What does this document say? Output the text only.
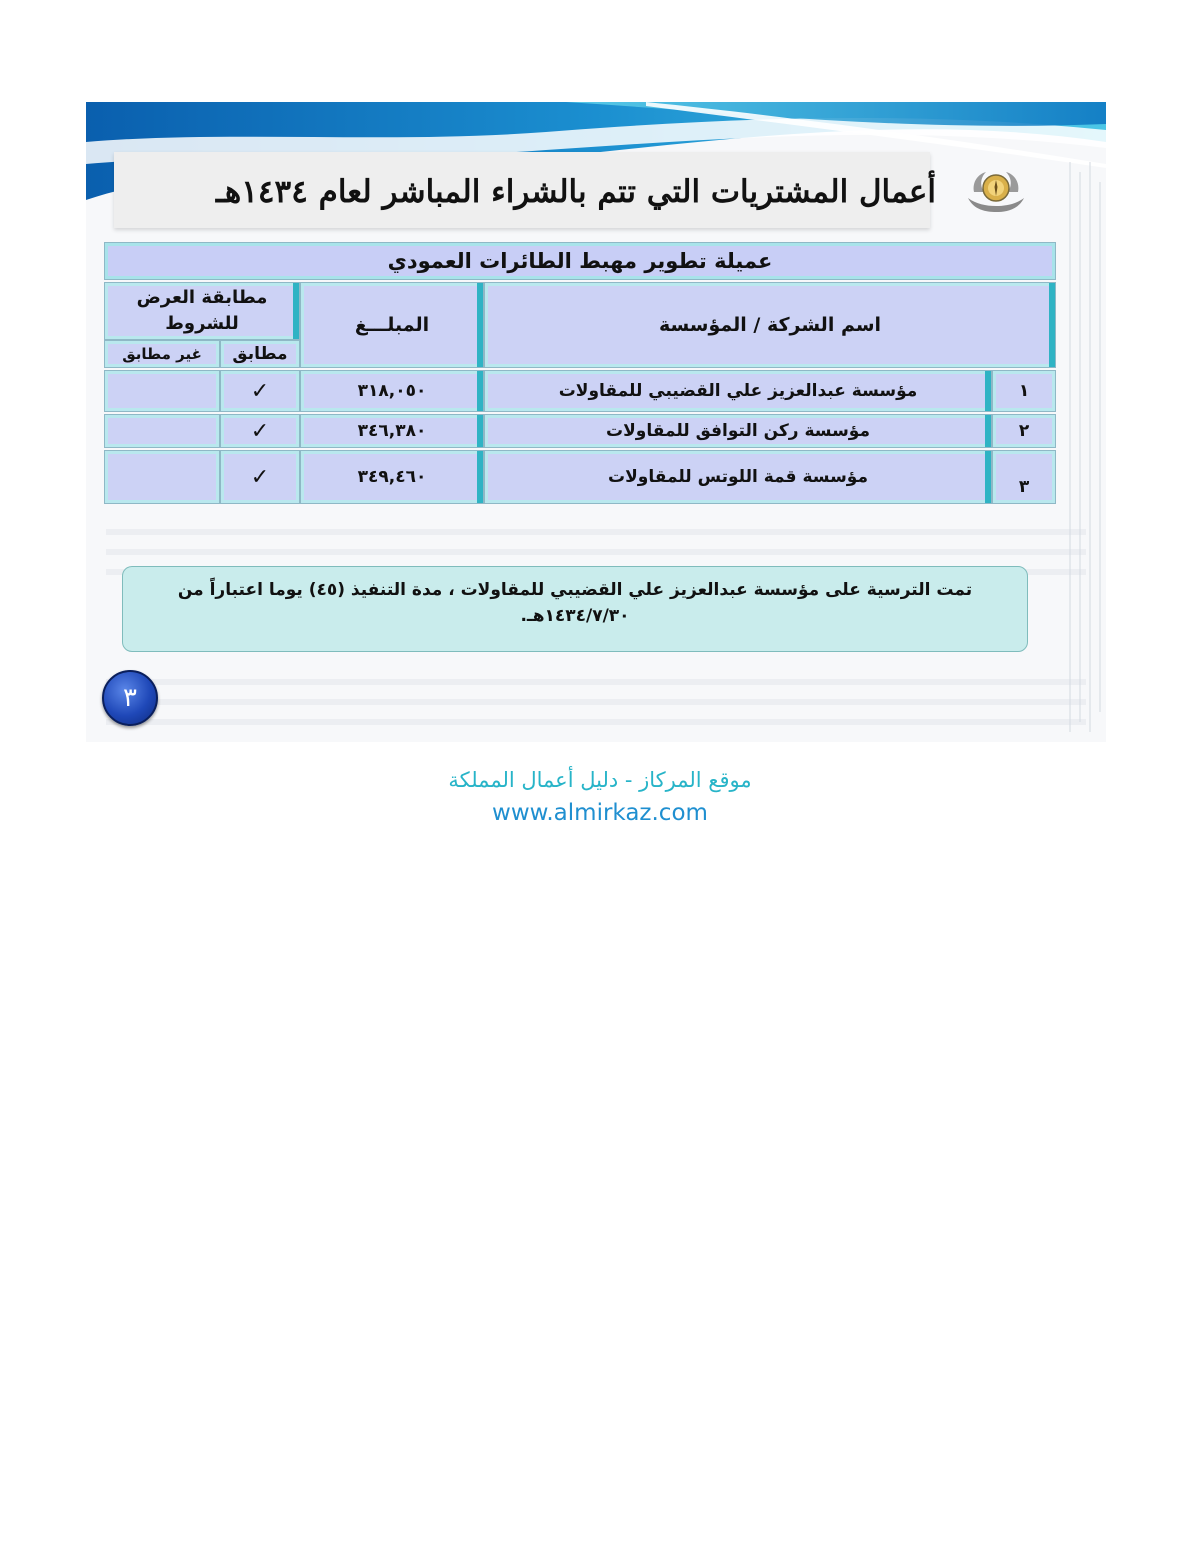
أعمال المشتريات التي تتم بالشراء المباشر لعام ١٤٣٤هـ
عميلة تطوير مهبط الطائرات العمودي
اسم الشركة / المؤسسة
المبلـــغ
مطابقة العرض للشروط
مطابق
غير مطابق
١
مؤسسة عبدالعزيز علي القضيبي للمقاولات
٣١٨,٠٥٠
✓
٢
مؤسسة ركن التوافق للمقاولات
٣٤٦,٣٨٠
✓
٣
مؤسسة قمة اللوتس للمقاولات
٣٤٩,٤٦٠
✓
تمت الترسية على مؤسسة عبدالعزيز علي القضيبي للمقاولات ، مدة التنفيذ (٤٥) يوما اعتباراً من ١٤٣٤/٧/٣٠هـ.
٣
موقع المركاز - دليل أعمال المملكة
www.almirkaz.com
